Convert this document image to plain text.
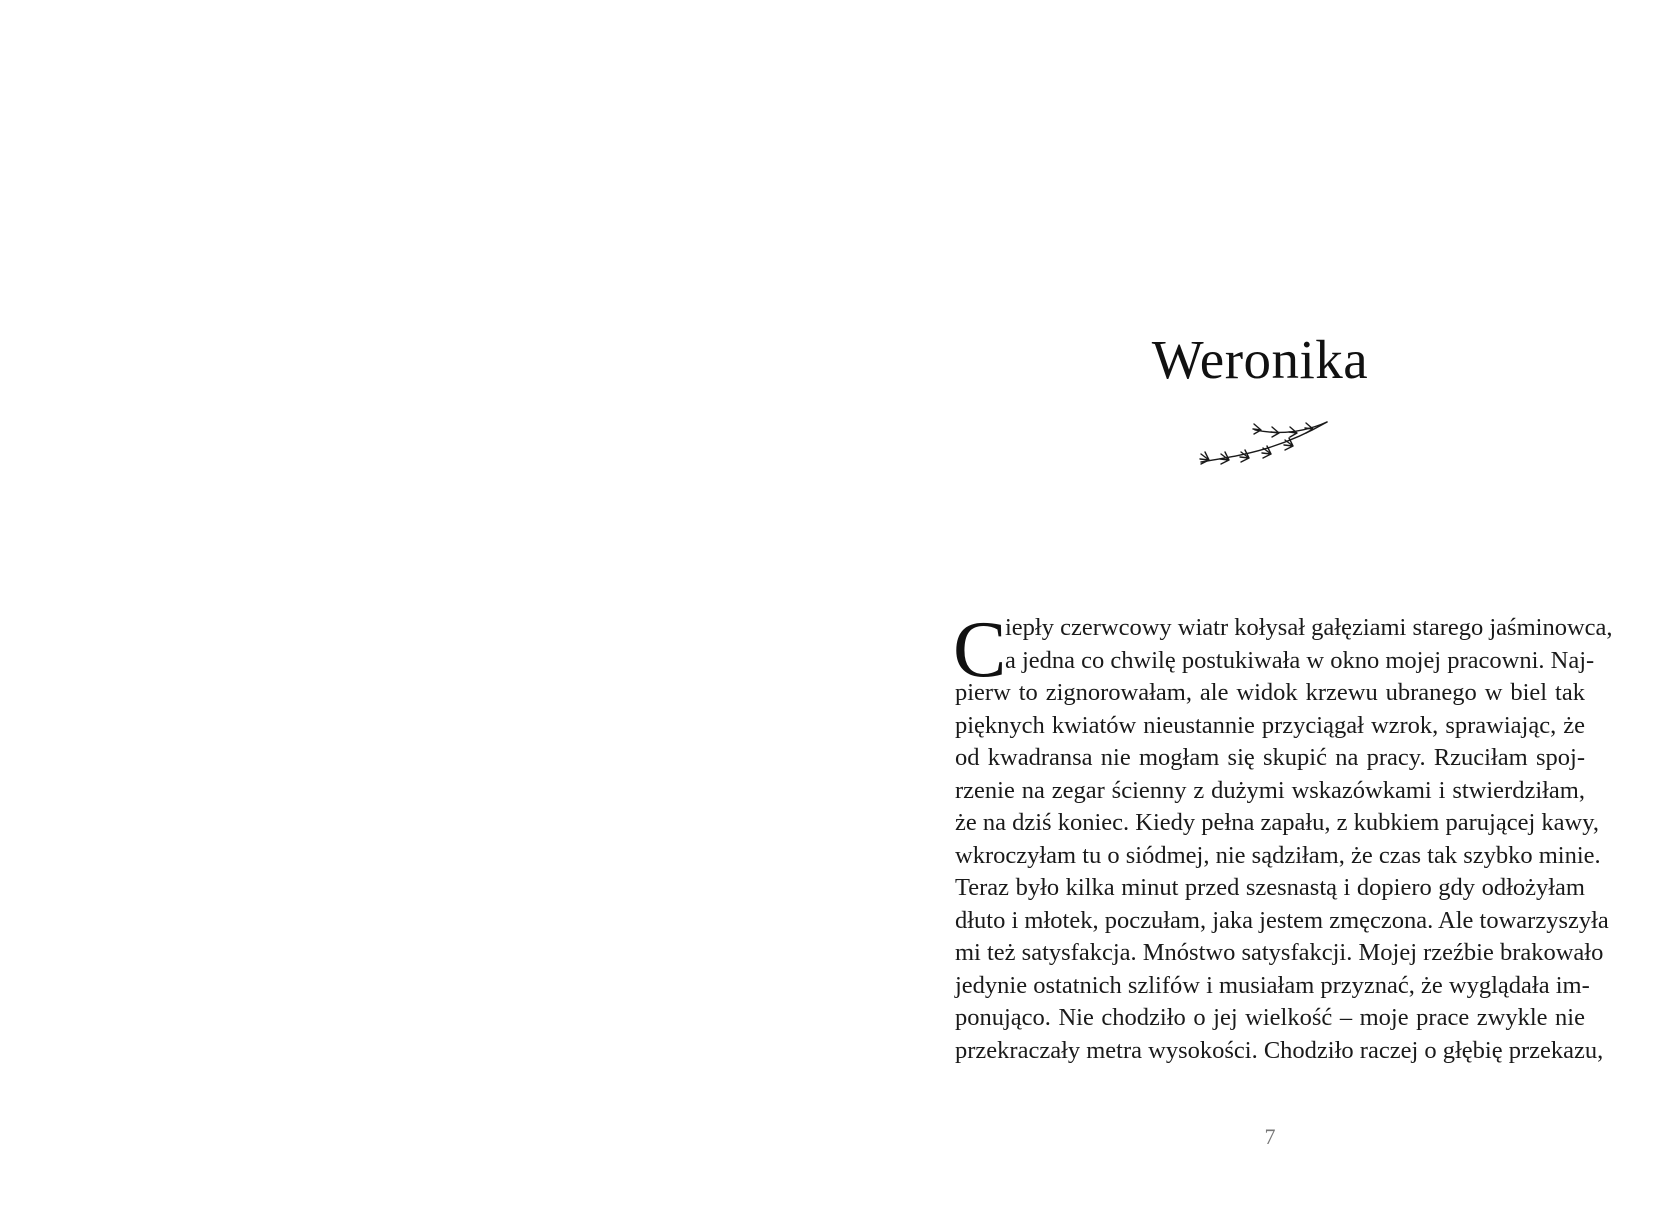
Weronika
C
iepły czerwcowy wiatr kołysał gałęziami starego jaśminowca,
a jedna co chwilę postukiwała w okno mojej pracowni. Naj-
pierw to zignorowałam, ale widok krzewu ubranego w biel tak
pięknych kwiatów nieustannie przyciągał wzrok, sprawiając, że
od kwadransa nie mogłam się skupić na pracy. Rzuciłam spoj-
rzenie na zegar ścienny z dużymi wskazówkami i stwierdziłam,
że na dziś koniec. Kiedy pełna zapału, z kubkiem parującej kawy,
wkroczyłam tu o siódmej, nie sądziłam, że czas tak szybko minie.
Teraz było kilka minut przed szesnastą i dopiero gdy odłożyłam
dłuto i młotek, poczułam, jaka jestem zmęczona. Ale towarzyszyła
mi też satysfakcja. Mnóstwo satysfakcji. Mojej rzeźbie brakowało
jedynie ostatnich szlifów i musiałam przyznać, że wyglądała im-
ponująco. Nie chodziło o jej wielkość – moje prace zwykle nie
przekraczały metra wysokości. Chodziło raczej o głębię przekazu,
7
